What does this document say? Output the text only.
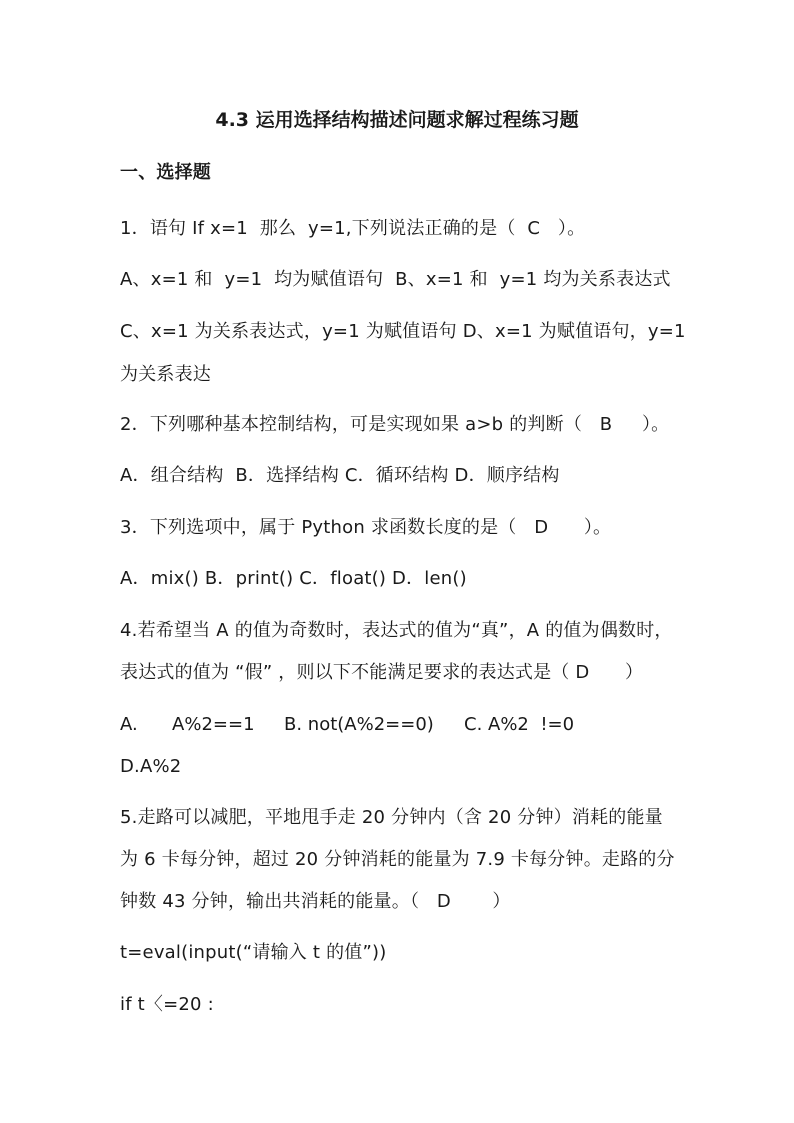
4.3 运用选择结构描述问题求解过程练习题
一、选择题
1．语句 If x=1  那么  y=1,下列说法正确的是（  C   ）。
A、x=1 和  y=1  均为赋值语句  B、x=1 和  y=1 均为关系表达式
C、x=1 为关系表达式，y=1 为赋值语句 D、x=1 为赋值语句，y=1
为关系表达
2．下列哪种基本控制结构，可是实现如果 a>b 的判断（   B     ）。
A．组合结构  B．选择结构 C．循环结构 D．顺序结构
3．下列选项中，属于 Python 求函数长度的是（   D      ）。
A．mix() B．print() C．float() D．len()
4.若希望当 A 的值为奇数时，表达式的值为“真”，A 的值为偶数时，
表达式的值为 “假” ，则以下不能满足要求的表达式是（ D      ）
A.      A%2==1 B. not(A%2==0) C. A%2  !=0
D.A%2
5.走路可以减肥，平地甩手走 20 分钟内（含 20 分钟）消耗的能量
为 6 卡每分钟，超过 20 分钟消耗的能量为 7.9 卡每分钟。走路的分
钟数 43 分钟，输出共消耗的能量。（   D       ）
t=eval(input(“请输入 t 的值”))
if t〈=20 :
